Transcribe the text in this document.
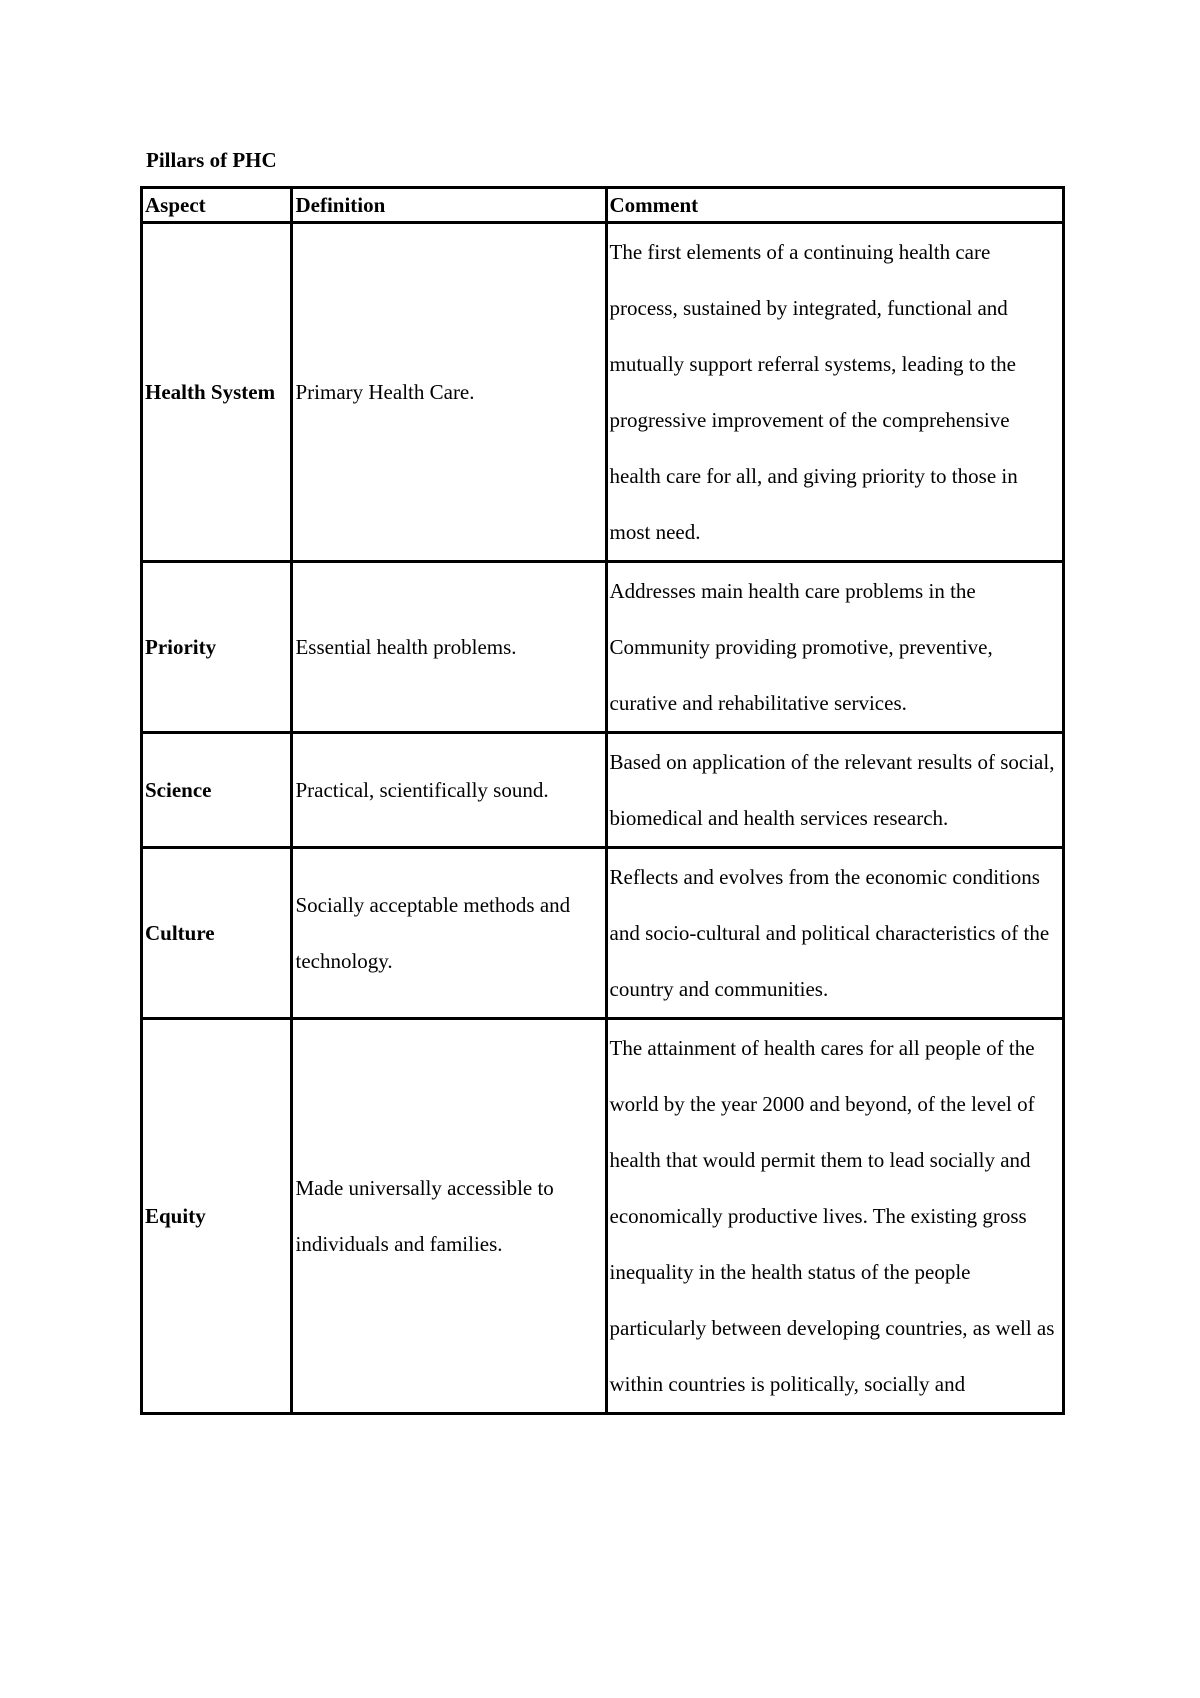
Pillars of PHC
Aspect	Definition	Comment
Health System	Primary Health Care.	The first elements of a continuing health care process, sustained by integrated, functional and mutually support referral systems, leading to the progressive improvement of the comprehensive health care for all, and giving priority to those in most need.
Priority	Essential health problems.	Addresses main health care problems in the Community providing promotive, preventive, curative and rehabilitative services.
Science	Practical, scientifically sound.	Based on application of the relevant results of social, biomedical and health services research.
Culture	Socially acceptable methods and technology.	Reflects and evolves from the economic conditions and socio-cultural and political characteristics of the country and communities.
Equity	Made universally accessible to individuals and families.	The attainment of health cares for all people of the world by the year 2000 and beyond, of the level of health that would permit them to lead socially and economically productive lives. The existing gross inequality in the health status of the people particularly between developing countries, as well as within countries is politically, socially and
